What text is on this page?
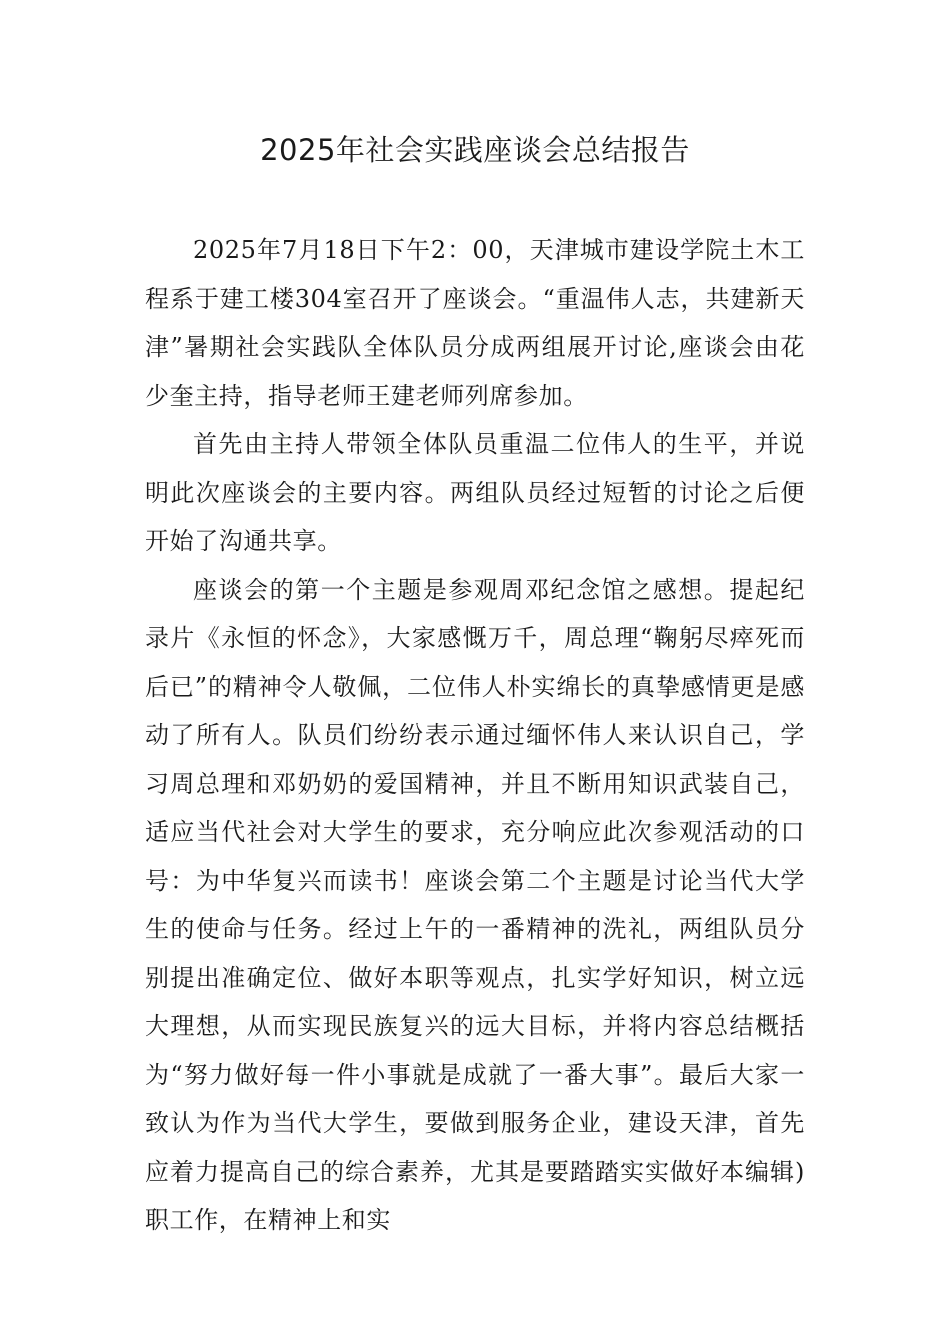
2025年社会实践座谈会总结报告

2025年7月18日下午2：00，天津城市建设学院土木工程系于建工楼304室召开了座谈会。“重温伟人志，共建新天津”暑期社会实践队全体队员分成两组展开讨论,座谈会由花少奎主持，指导老师王建老师列席参加。

首先由主持人带领全体队员重温二位伟人的生平，并说明此次座谈会的主要内容。两组队员经过短暂的讨论之后便开始了沟通共享。

座谈会的第一个主题是参观周邓纪念馆之感想。提起纪录片《永恒的怀念》，大家感慨万千，周总理“鞠躬尽瘁死而后已”的精神令人敬佩，二位伟人朴实绵长的真挚感情更是感动了所有人。队员们纷纷表示通过缅怀伟人来认识自己，学习周总理和邓奶奶的爱国精神，并且不断用知识武装自己，适应当代社会对大学生的要求，充分响应此次参观活动的口号：为中华复兴而读书！座谈会第二个主题是讨论当代大学生的使命与任务。经过上午的一番精神的洗礼，两组队员分别提出准确定位、做好本职等观点，扎实学好知识，树立远大理想，从而实现民族复兴的远大目标，并将内容总结概括为“努力做好每一件小事就是成就了一番大事”。最后大家一致认为作为当代大学生，要做到服务企业，建设天津，首先应着力提高自己的综合素养，尤其是要踏踏实实做好本编辑)职工作，在精神上和实
